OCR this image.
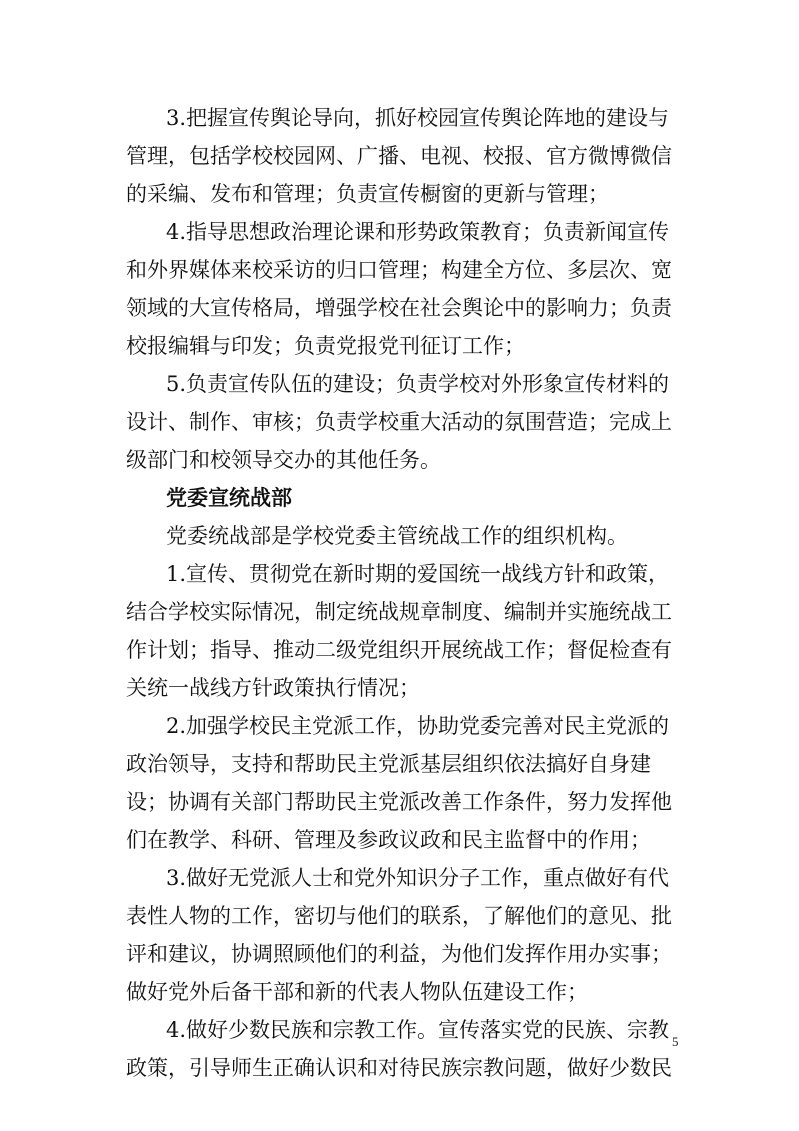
3.把握宣传舆论导向，抓好校园宣传舆论阵地的建设与
管理，包括学校校园网、广播、电视、校报、官方微博微信
的采编、发布和管理；负责宣传橱窗的更新与管理；
4.指导思想政治理论课和形势政策教育；负责新闻宣传
和外界媒体来校采访的归口管理；构建全方位、多层次、宽
领域的大宣传格局，增强学校在社会舆论中的影响力；负责
校报编辑与印发；负责党报党刊征订工作；
5.负责宣传队伍的建设；负责学校对外形象宣传材料的
设计、制作、审核；负责学校重大活动的氛围营造；完成上
级部门和校领导交办的其他任务。
党委宣统战部
党委统战部是学校党委主管统战工作的组织机构。
1.宣传、贯彻党在新时期的爱国统一战线方针和政策，
结合学校实际情况，制定统战规章制度、编制并实施统战工
作计划；指导、推动二级党组织开展统战工作；督促检查有
关统一战线方针政策执行情况；
2.加强学校民主党派工作，协助党委完善对民主党派的
政治领导，支持和帮助民主党派基层组织依法搞好自身建
设；协调有关部门帮助民主党派改善工作条件，努力发挥他
们在教学、科研、管理及参政议政和民主监督中的作用；
3.做好无党派人士和党外知识分子工作，重点做好有代
表性人物的工作，密切与他们的联系，了解他们的意见、批
评和建议，协调照顾他们的利益，为他们发挥作用办实事；
做好党外后备干部和新的代表人物队伍建设工作；
4.做好少数民族和宗教工作。宣传落实党的民族、宗教
政策，引导师生正确认识和对待民族宗教问题，做好少数民
5
